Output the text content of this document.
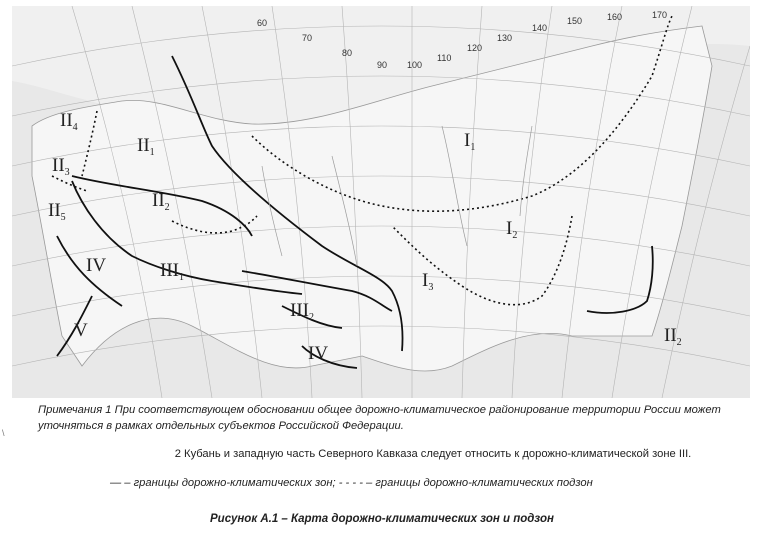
60
70
80
90 100
110
120
130
140
150	160	170
$I_1$
$I_2$
$I_3$
$II_1$
$II_2$
$II_3$
$II_4$
$II_5$
$II_2$
$III_1$
$III_2$
IV
IV
V
\

Примечания 1 При соответствующем обосновании общее дорожно-климатическое районирование территории России может уточняться в рамках отдельных субъектов Российской Федерации.

2 Кубань и западную часть Северного Кавказа следует относить к дорожно-климатической зоне III.

— – границы дорожно-климатических зон; - - - - – границы дорожно-климатических подзон

Рисунок А.1 – Карта дорожно-климатических зон и подзон
